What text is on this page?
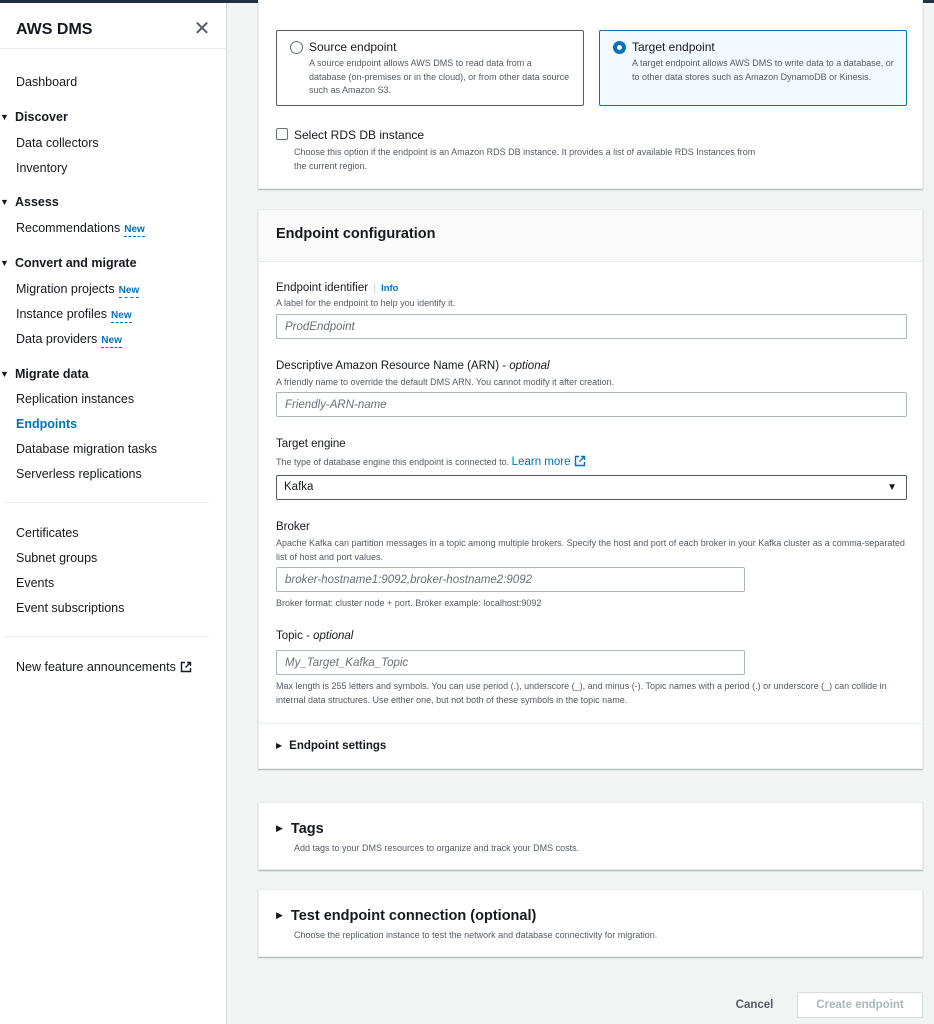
AWS DMS	✕
Dashboard
▼ Discover
Data collectors
Inventory
▼ Assess
Recommendations New
▼ Convert and migrate
Migration projects New
Instance profiles New
Data providers New
▼ Migrate data
Replication instances
Endpoints
Database migration tasks
Serverless replications
Certificates
Subnet groups
Events
Event subscriptions
New feature announcements
Source endpoint
A source endpoint allows AWS DMS to read data from a database (on-premises or in the cloud), or from other data source such as Amazon S3.
Target endpoint
A target endpoint allows AWS DMS to write data to a database, or to other data stores such as Amazon DynamoDB or Kinesis.
Select RDS DB instance
Choose this option if the endpoint is an Amazon RDS DB instance. It provides a list of available RDS Instances from the current region.
Endpoint configuration
Endpoint identifier Info
A label for the endpoint to help you identify it.
ProdEndpoint
Descriptive Amazon Resource Name (ARN) - optional
A friendly name to override the default DMS ARN. You cannot modify it after creation.
Friendly-ARN-name
Target engine
The type of database engine this endpoint is connected to. Learn more
Kafka	▼
Broker
Apache Kafka can partition messages in a topic among multiple brokers. Specify the host and port of each broker in your Kafka cluster as a comma-separated list of host and port values.
broker-hostname1:9092,broker-hostname2:9092
Broker format: cluster node + port. Broker example: localhost:9092
Topic - optional
My_Target_Kafka_Topic
Max length is 255 letters and symbols. You can use period (.), underscore (_), and minus (-). Topic names with a period (.) or underscore (_) can collide in internal data structures. Use either one, but not both of these symbols in the topic name.
▶ Endpoint settings
▶ Tags
Add tags to your DMS resources to organize and track your DMS costs.
▶ Test endpoint connection (optional)
Choose the replication instance to test the network and database connectivity for migration.
Cancel	Create endpoint
